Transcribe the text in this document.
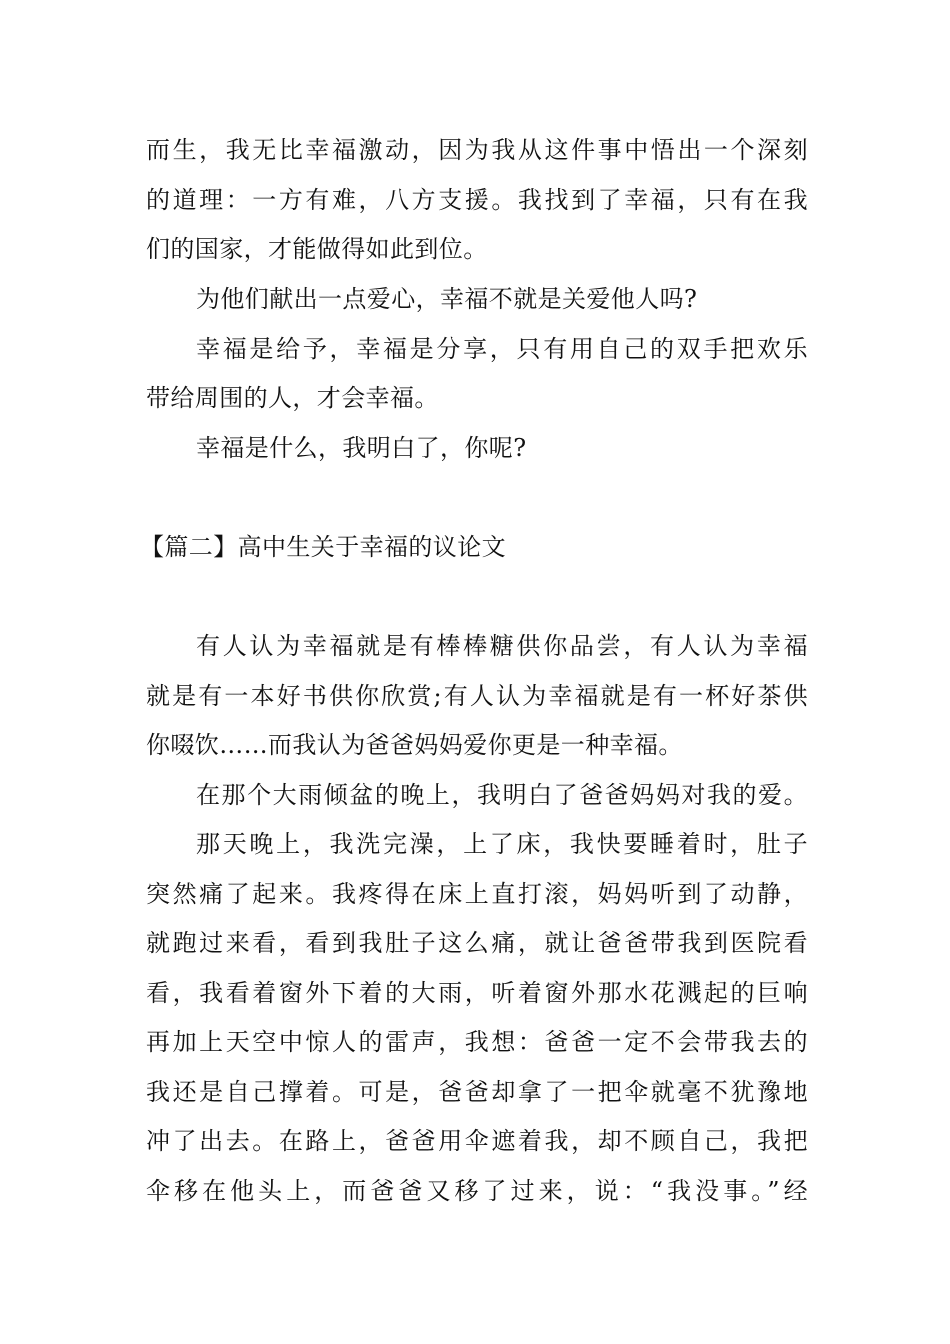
而生，我无比幸福激动，因为我从这件事中悟出一个深刻
的道理：一方有难，八方支援。我找到了幸福，只有在我
们的国家，才能做得如此到位。
为他们献出一点爱心，幸福不就是关爱他人吗?
幸福是给予，幸福是分享，只有用自己的双手把欢乐
带给周围的人，才会幸福。
幸福是什么，我明白了，你呢?
【篇二】高中生关于幸福的议论文
有人认为幸福就是有棒棒糖供你品尝，有人认为幸福
就是有一本好书供你欣赏;有人认为幸福就是有一杯好茶供
你啜饮……而我认为爸爸妈妈爱你更是一种幸福。
在那个大雨倾盆的晚上，我明白了爸爸妈妈对我的爱。
那天晚上，我洗完澡，上了床，我快要睡着时，肚子
突然痛了起来。我疼得在床上直打滚，妈妈听到了动静，
就跑过来看，看到我肚子这么痛，就让爸爸带我到医院看
看，我看着窗外下着的大雨，听着窗外那水花溅起的巨响
再加上天空中惊人的雷声，我想：爸爸一定不会带我去的
我还是自己撑着。可是，爸爸却拿了一把伞就毫不犹豫地
冲了出去。在路上，爸爸用伞遮着我，却不顾自己，我把
伞移在他头上，而爸爸又移了过来，说：“我没事。”经
